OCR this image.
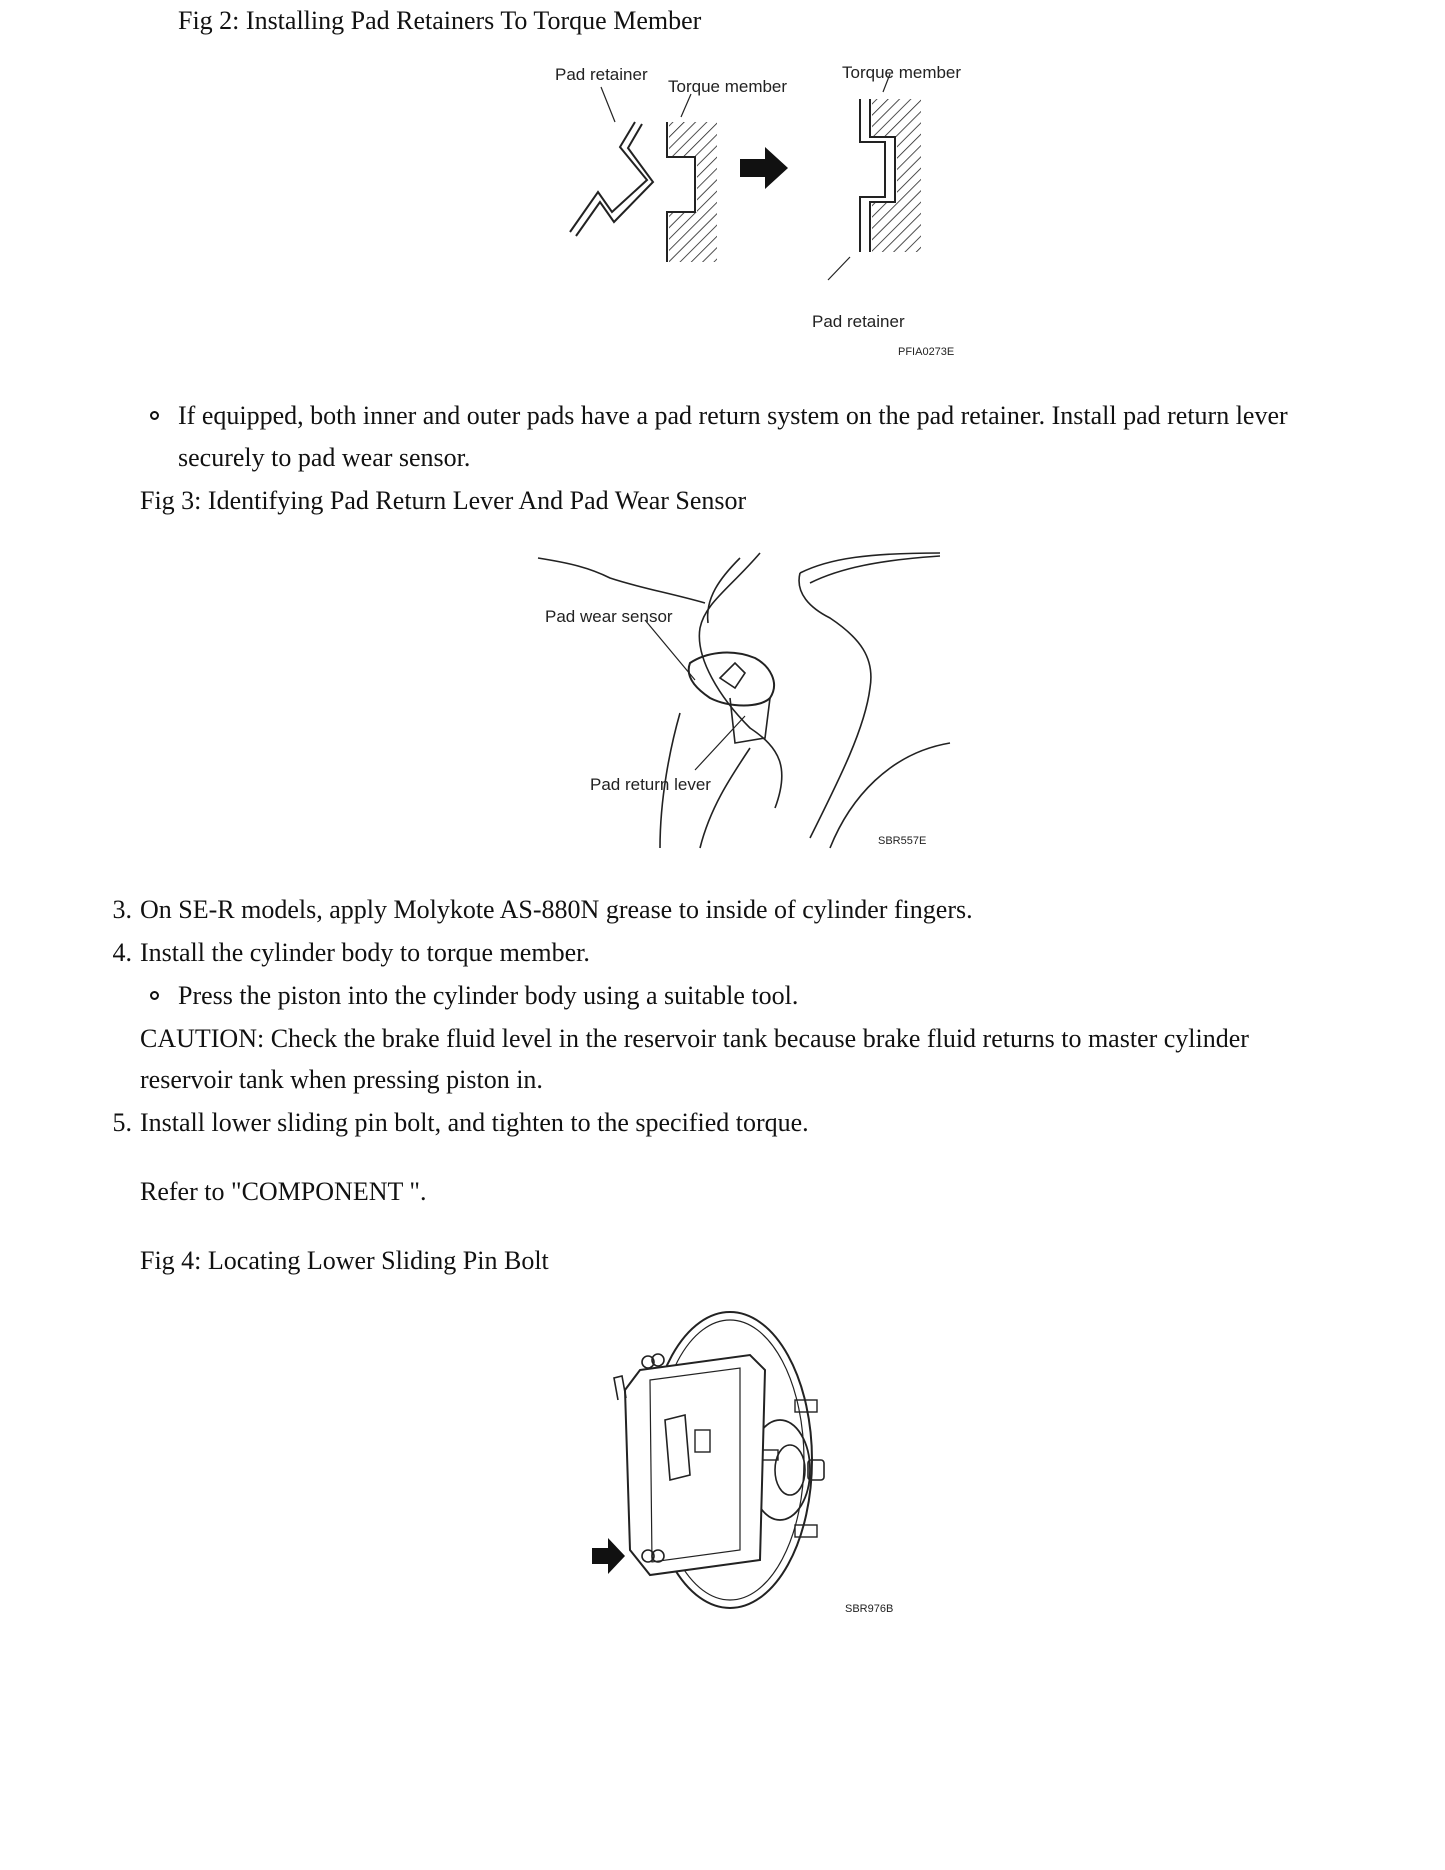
Fig 2: Installing Pad Retainers To Torque Member

Pad retainer
Torque member
Torque member
Pad retainer
PFIA0273E

If equipped, both inner and outer pads have a pad return system on the pad retainer. Install pad return lever

securely to pad wear sensor.

Fig 3: Identifying Pad Return Lever And Pad Wear Sensor

Pad wear sensor
Pad return lever
SBR557E
3. On SE-R models, apply Molykote AS-880N grease to inside of cylinder fingers.

4. Install the cylinder body to torque member.

Press the piston into the cylinder body using a suitable tool.

CAUTION: Check the brake fluid level in the reservoir tank because brake fluid returns to master cylinder

reservoir tank when pressing piston in.

5. Install lower sliding pin bolt, and tighten to the specified torque.

Refer to "COMPONENT ".

Fig 4: Locating Lower Sliding Pin Bolt

SBR976B
